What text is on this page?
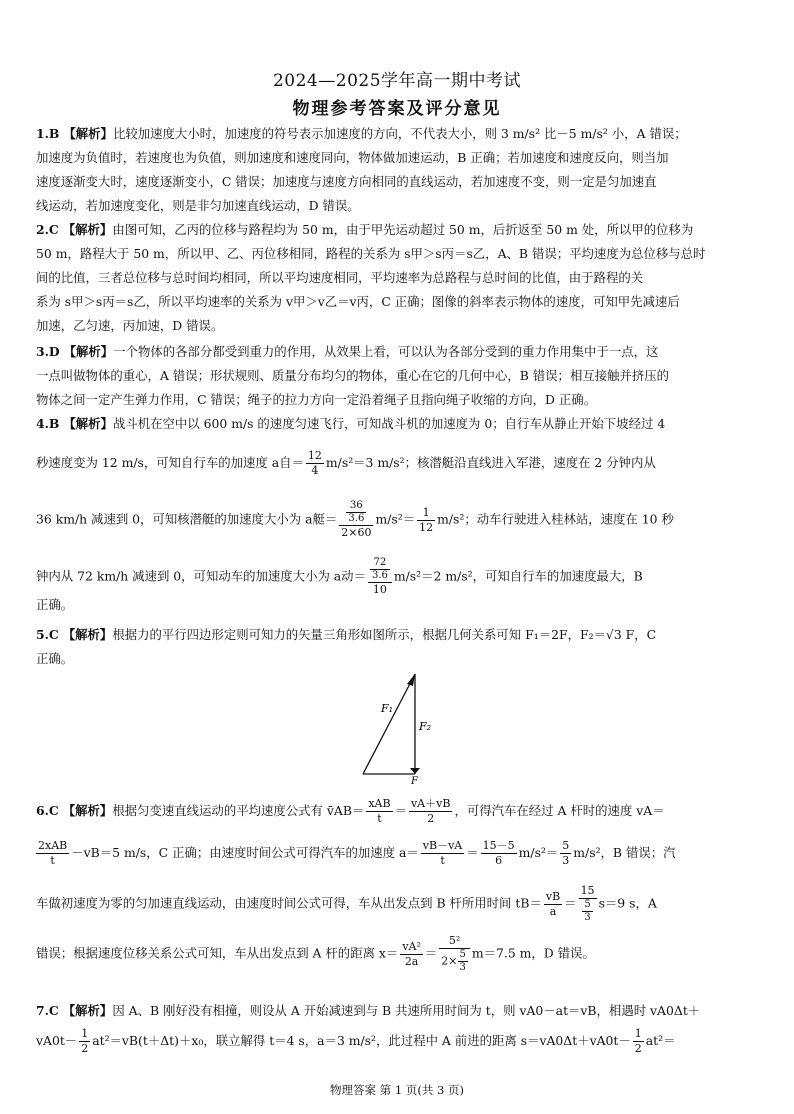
2024—2025学年高一期中考试
物理参考答案及评分意见
1.B 【解析】比较加速度大小时，加速度的符号表示加速度的方向，不代表大小，则 3 m/s² 比－5 m/s² 小，A 错误；
加速度为负值时，若速度也为负值，则加速度和速度同向，物体做加速运动，B 正确；若加速度和速度反向，则当加
速度逐渐变大时，速度逐渐变小，C 错误；加速度与速度方向相同的直线运动，若加速度不变，则一定是匀加速直
线运动，若加速度变化，则是非匀加速直线运动，D 错误。
2.C 【解析】由图可知，乙丙的位移与路程均为 50 m，由于甲先运动超过 50 m，后折返至 50 m 处，所以甲的位移为
50 m，路程大于 50 m，所以甲、乙、丙位移相同，路程的关系为 s甲＞s丙＝s乙，A、B 错误；平均速度为总位移与总时
间的比值，三者总位移与总时间均相同，所以平均速度相同，平均速率为总路程与总时间的比值，由于路程的关
系为 s甲＞s丙＝s乙，所以平均速率的关系为 v甲＞v乙＝v丙，C 正确；图像的斜率表示物体的速度，可知甲先减速后
加速，乙匀速，丙加速，D 错误。
3.D 【解析】一个物体的各部分都受到重力的作用，从效果上看，可以认为各部分受到的重力作用集中于一点，这
一点叫做物体的重心，A 错误；形状规则、质量分布均匀的物体，重心在它的几何中心，B 错误；相互接触并挤压的
物体之间一定产生弹力作用，C 错误；绳子的拉力方向一定沿着绳子且指向绳子收缩的方向，D 正确。
4.B 【解析】战斗机在空中以 600 m/s 的速度匀速飞行，可知战斗机的加速度为 0；自行车从静止开始下坡经过 4
秒速度变为 12 m/s，可知自行车的加速度 a自＝ $\frac{12}{4} m/s^2=3$ m/s²；核潜艇沿直线进入军港，速度在 2 分钟内从
36 km/h 减速到 0，可知核潜艇的加速度大小为 a艇＝ $\frac{\frac{36}{3.6}}{2\times 60} m/s^2= \frac{1}{12} m/s^2$；动车行驶进入桂林站，速度在 10 秒
钟内从 72 km/h 减速到 0，可知动车的加速度大小为 a动＝ $\frac{\frac{72}{3.6}}{10} m/s^2=2$ m/s²，可知自行车的加速度最大，B
正确。
5.C 【解析】根据力的平行四边形定则可知力的矢量三角形如图所示，根据几何关系可知 F₁＝2F，F₂＝√3 F，C
正确。
F₁
F₂
F
6.C 【解析】根据匀变速直线运动的平均速度公式有 v̄AB＝ $\frac{\text{xAB}}{t} = \frac{vA+vB}{2}$ ，可得汽车在经过 A 杆时的速度 vA＝
$\frac{\text{2xAB}}{t} -vB=5$ m/s，C 正确；由速度时间公式可得汽车的加速度 $a= \frac{vB-vA}{t} = \frac{15-5}{6} m/s^2= \frac{5}{3} m/s^2$，B 错误；汽
车做初速度为零的匀加速直线运动，由速度时间公式可得，车从出发点到 B 杆所用时间 $tB= \frac{vB}{a} = \frac{15}{\frac{5}{3}} s=9$ s，A
错误；根据速度位移关系公式可知，车从出发点到 A 杆的距离 $x= \frac{\text{vA²}}{2a} = \frac{\text{5²}}{2\times \frac{5}{3}} m=7.5$ m，D 错误。
7.C 【解析】因 A、B 刚好没有相撞，则设从 A 开始减速到与 B 共速所用时间为 t，则 vA0－at＝vB，相遇时 vA0Δt＋
$vA0t- \frac{1}{2} at^2=vB(t+\Delta t)+x_0$，联立解得 t＝4 s，a＝3 m/s²，此过程中 A 前进的距离 $s=vA0\Delta t+vA0t- \frac{1}{2} at^2=$
物理答案 第 1 页(共 3 页)
